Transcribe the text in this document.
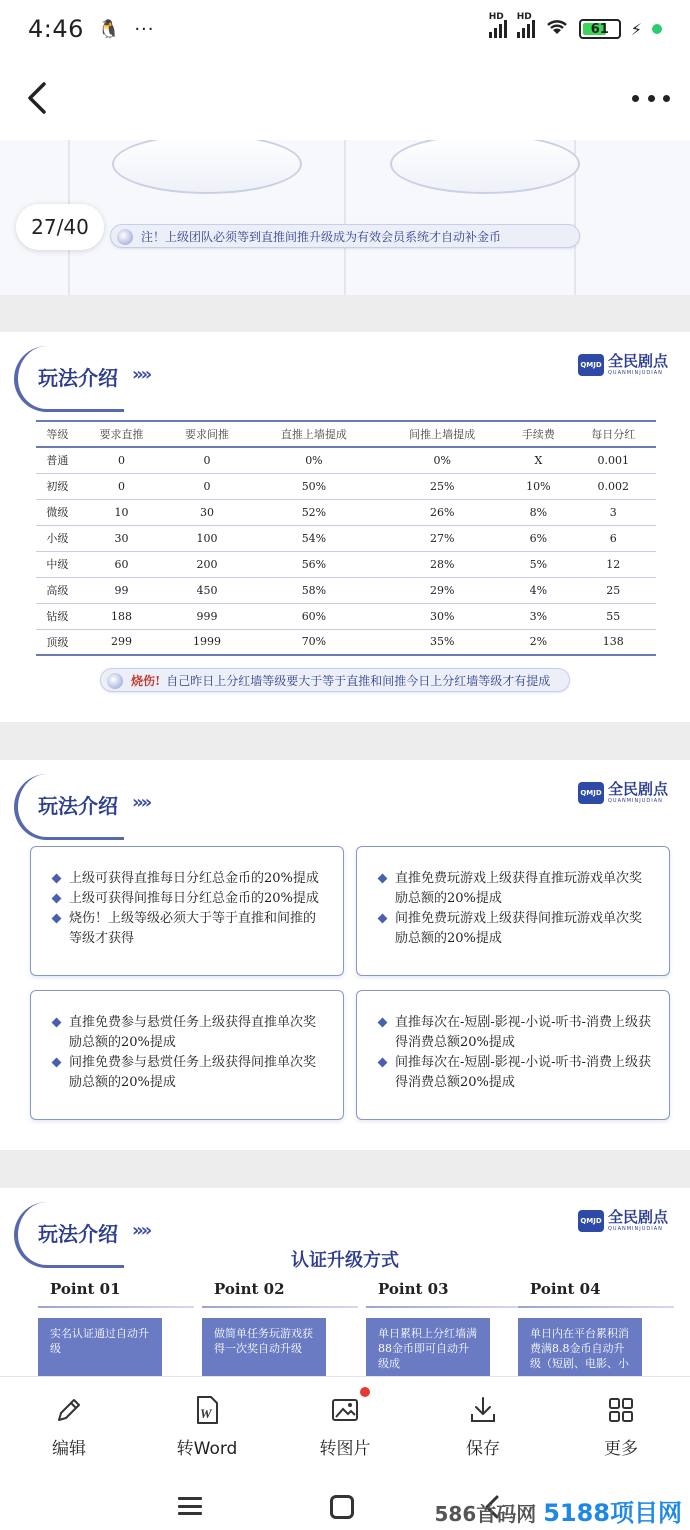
4:46 🐧 ···
HD HD
61 ⚡
27/40	注！上级团队必须等到直推间推升级成为有效会员系统才自动补金币
玩法介绍 »»	QMJD 全民剧点
QUANMINJUDIAN
等级	要求直推	要求间推	直推上墙提成	间推上墙提成	手续费	每日分红
普通	0	0	0%	0%	X	0.001
初级	0	0	50%	25%	10%	0.002
微级	10	30	52%	26%	8%	3
小级	30	100	54%	27%	6%	6
中级	60	200	56%	28%	5%	12
高级	99	450	58%	29%	4%	25
钻级	188	999	60%	30%	3%	55
顶级	299	1999	70%	35%	2%	138
烧伤! 自己昨日上分红墙等级要大于等于直推和间推今日上分红墙等级才有提成
玩法介绍 »»	QMJD 全民剧点
QUANMINJUDIAN
上级可获得直推每日分红总金币的20%提成
上级可获得间推每日分红总金币的20%提成
烧伤！上级等级必须大于等于直推和间推的等级才获得
直推免费玩游戏上级获得直推玩游戏单次奖励总额的20%提成
间推免费玩游戏上级获得间推玩游戏单次奖励总额的20%提成
直推免费参与悬赏任务上级获得直推单次奖励总额的20%提成
间推免费参与悬赏任务上级获得间推单次奖励总额的20%提成
直推每次在-短剧-影视-小说-听书-消费上级获得消费总额20%提成
间推每次在-短剧-影视-小说-听书-消费上级获得消费总额20%提成
玩法介绍 »»	QMJD 全民剧点
QUANMINJUDIAN
认证升级方式
Point 01
实名认证通过自动升级
Point 02
做简单任务玩游戏获得一次奖自动升级
Point 03
单日累积上分红墙满88金币即可自动升级成
Point 04
单日内在平台累积消费满8.8金币自动升级（短剧、电影、小
编辑
W
转Word	转图片	保存	更多
586首码网 5188项目网
